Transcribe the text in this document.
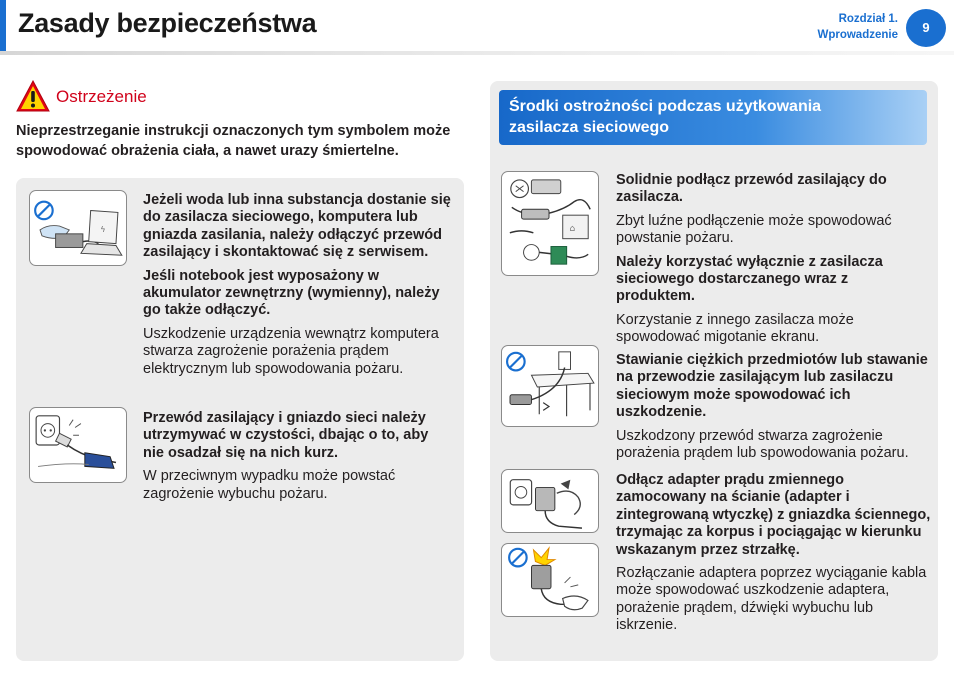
Zasady bezpieczeństwa	Rozdział 1.
Wprowadzenie	9
Ostrzeżenie
Nieprzestrzeganie instrukcji oznaczonych tym symbolem może spowodować obrażenia ciała, a nawet urazy śmiertelne.
ϟ

Jeżeli woda lub inna substancja dostanie się do zasilacza sieciowego, komputera lub gniazda zasilania, należy odłączyć przewód zasilający i skontaktować się z serwisem.

Jeśli notebook jest wyposażony w akumulator zewnętrzny (wymienny), należy go także odłączyć.

Uszkodzenie urządzenia wewnątrz komputera stwarza zagrożenie porażenia prądem elektrycznym lub spowodowania pożaru.

Przewód zasilający i gniazdo sieci należy utrzymywać w czystości, dbając o to, aby nie osadzał się na nich kurz.

W przeciwnym wypadku może powstać zagrożenie wybuchu pożaru.

Środki ostrożności podczas użytkowania
zasilacza sieciowego
⌂

Solidnie podłącz przewód zasilający do zasilacza.

Zbyt luźne podłączenie może spowodować powstanie pożaru.

Należy korzystać wyłącznie z zasilacza sieciowego dostarczanego wraz z produktem.

Korzystanie z innego zasilacza może spowodować migotanie ekranu.

Stawianie ciężkich przedmiotów lub stawanie na przewodzie zasilającym lub zasilaczu sieciowym może spowodować ich uszkodzenie.

Uszkodzony przewód stwarza zagrożenie porażenia prądem lub spowodowania pożaru.

Odłącz adapter prądu zmiennego zamocowany na ścianie (adapter i zintegrowaną wtyczkę) z gniazdka ściennego, trzymając za korpus i pociągając w kierunku wskazanym przez strzałkę.

Rozłączanie adaptera poprzez wyciąganie kabla może spowodować uszkodzenie adaptera, porażenie prądem, dźwięki wybuchu lub iskrzenie.
